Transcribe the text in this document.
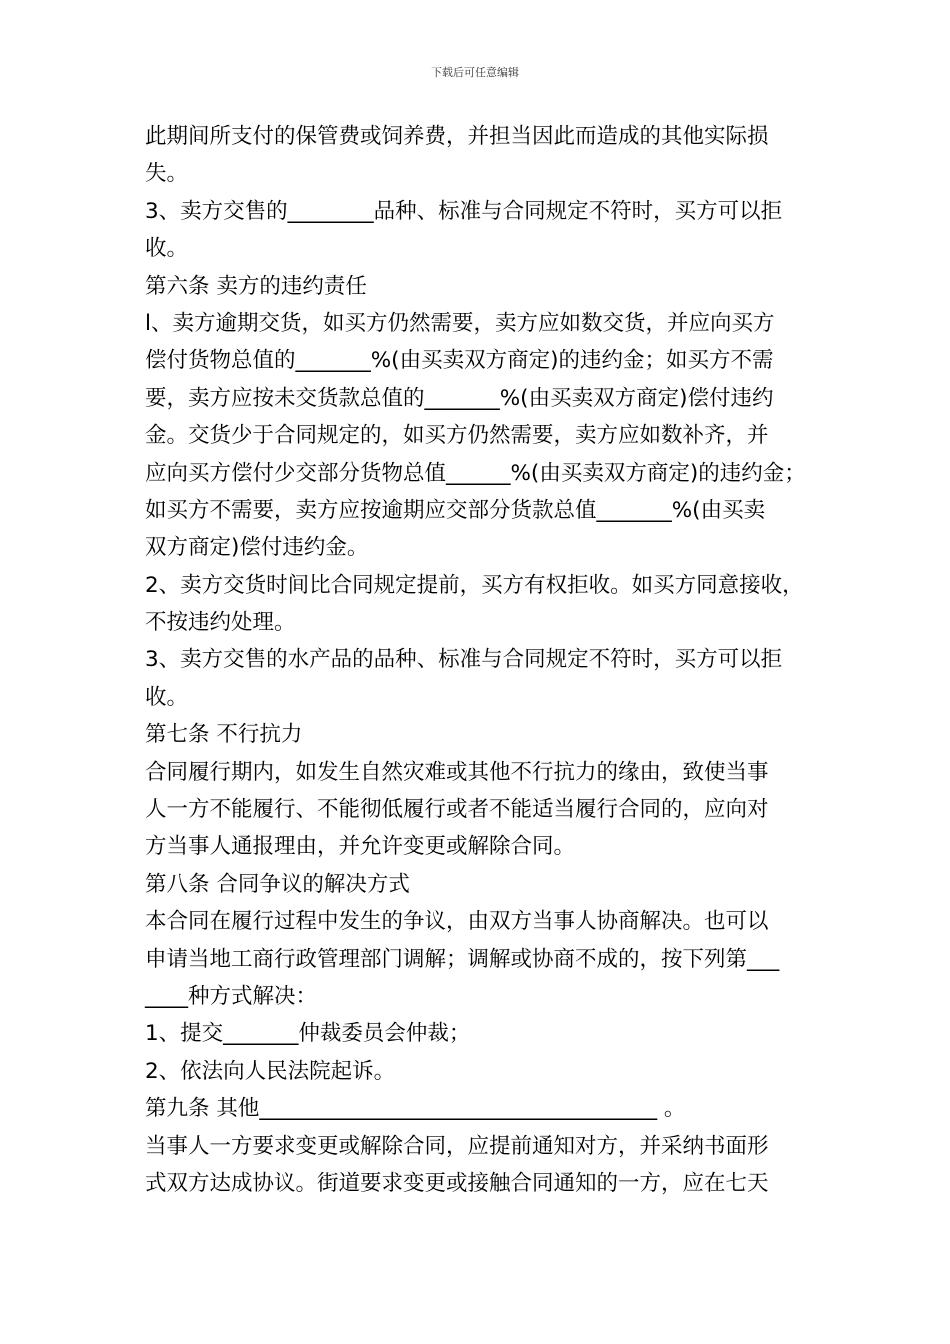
下载后可任意编辑
此期间所支付的保管费或饲养费，并担当因此而造成的其他实际损
失。
3、卖方交售的________品种、标准与合同规定不符时，买方可以拒
收。
第六条 卖方的违约责任
l、卖方逾期交货，如买方仍然需要，卖方应如数交货，并应向买方
偿付货物总值的_______%(由买卖双方商定)的违约金；如买方不需
要，卖方应按未交货款总值的_______%(由买卖双方商定)偿付违约
金。交货少于合同规定的，如买方仍然需要，卖方应如数补齐，并
应向买方偿付少交部分货物总值______%(由买卖双方商定)的违约金；
如买方不需要，卖方应按逾期应交部分货款总值_______%(由买卖
双方商定)偿付违约金。
2、卖方交货时间比合同规定提前，买方有权拒收。如买方同意接收，
不按违约处理。
3、卖方交售的水产品的品种、标准与合同规定不符时，买方可以拒
收。
第七条 不行抗力
合同履行期内，如发生自然灾难或其他不行抗力的缘由，致使当事
人一方不能履行、不能彻低履行或者不能适当履行合同的，应向对
方当事人通报理由，并允许变更或解除合同。
第八条 合同争议的解决方式
本合同在履行过程中发生的争议，由双方当事人协商解决。也可以
申请当地工商行政管理部门调解；调解或协商不成的，按下列第___
____种方式解决：
1、提交_______仲裁委员会仲裁；
2、依法向人民法院起诉。
第九条 其他_____________________________________ 。
当事人一方要求变更或解除合同，应提前通知对方，并采纳书面形
式双方达成协议。街道要求变更或接触合同通知的一方，应在七天
